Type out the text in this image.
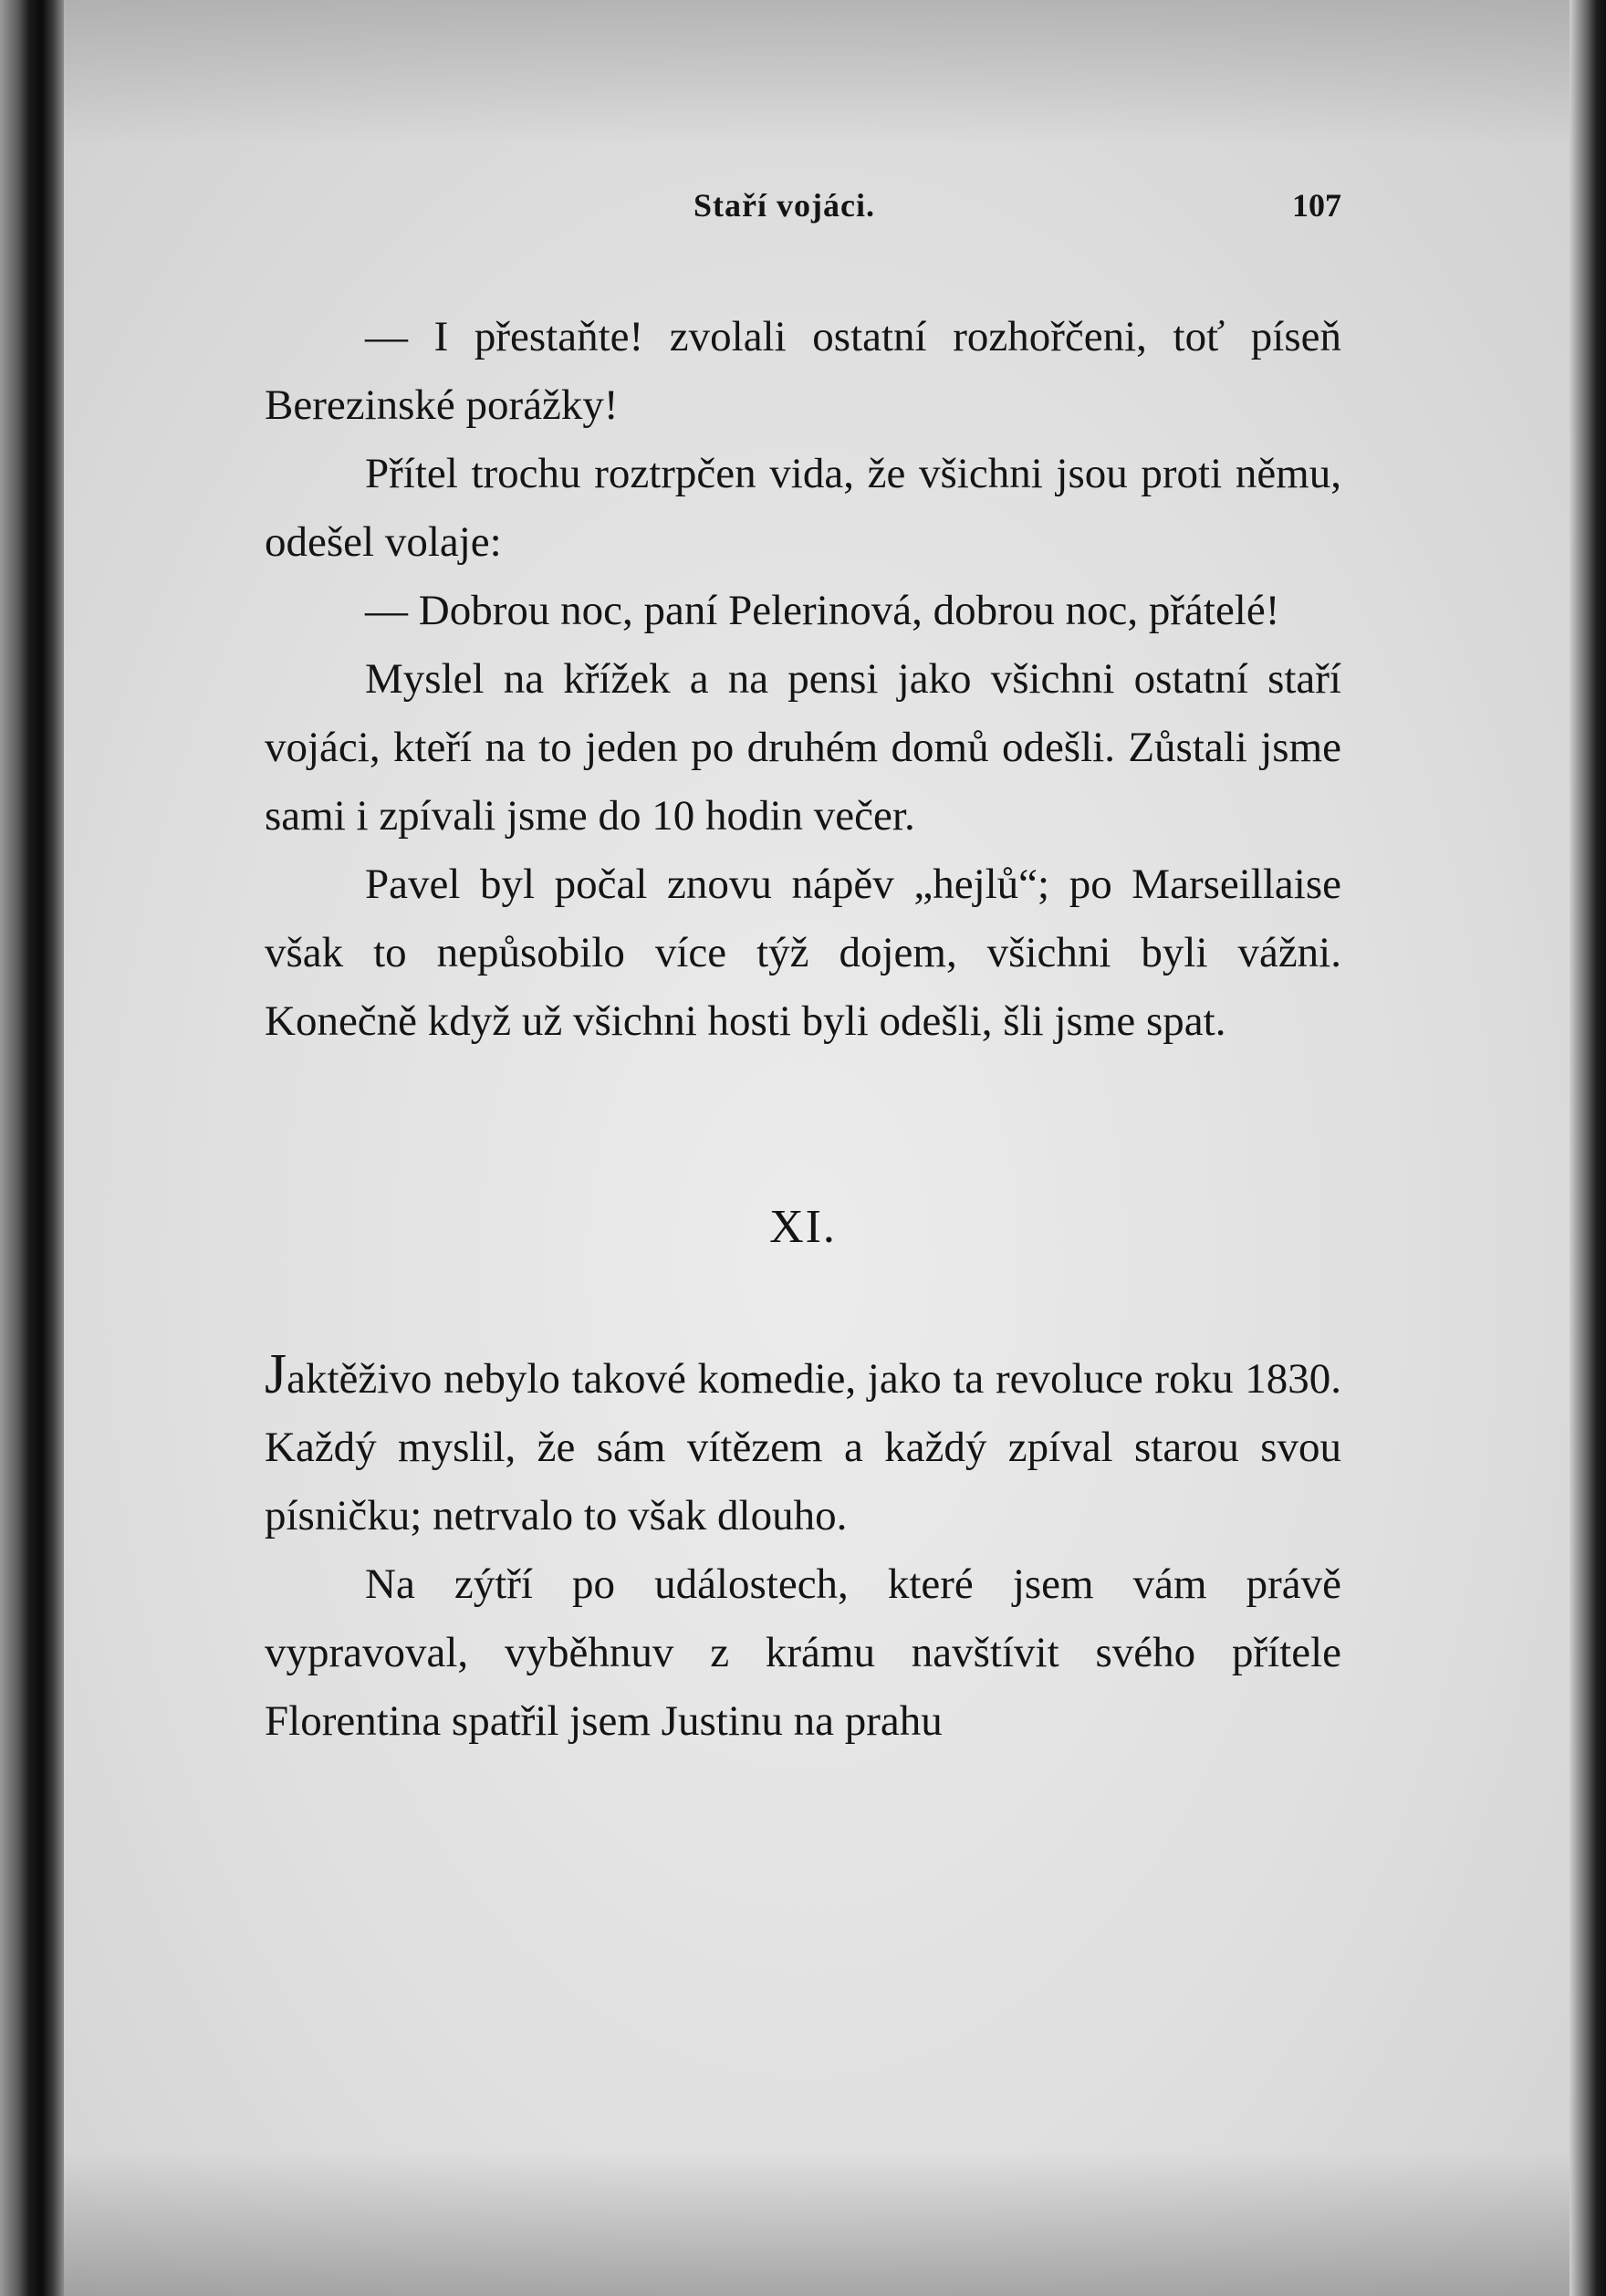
Staří vojáci.	107

— I přestaňte! zvolali ostatní rozhořčeni, toť píseň Berezinské porážky!

Přítel trochu roztrpčen vida, že všichni jsou proti němu, odešel volaje:

— Dobrou noc, paní Pelerinová, dobrou noc, přátelé!

Myslel na křížek a na pensi jako všichni ostatní staří vojáci, kteří na to jeden po druhém domů odešli. Zůstali jsme sami i zpívali jsme do 10 hodin večer.

Pavel byl počal znovu nápěv „hejlů“; po Marseillaise však to nepůsobilo více týž dojem, všichni byli vážni. Konečně když už všichni hosti byli odešli, šli jsme spat.

XI.

Jaktěživo nebylo takové komedie, jako ta revoluce roku 1830. Každý myslil, že sám vítězem a každý zpíval starou svou písničku; netrvalo to však dlouho.

Na zýtří po událostech, které jsem vám právě vypravoval, vyběhnuv z krámu navštívit svého přítele Florentina spatřil jsem Justinu na prahu
